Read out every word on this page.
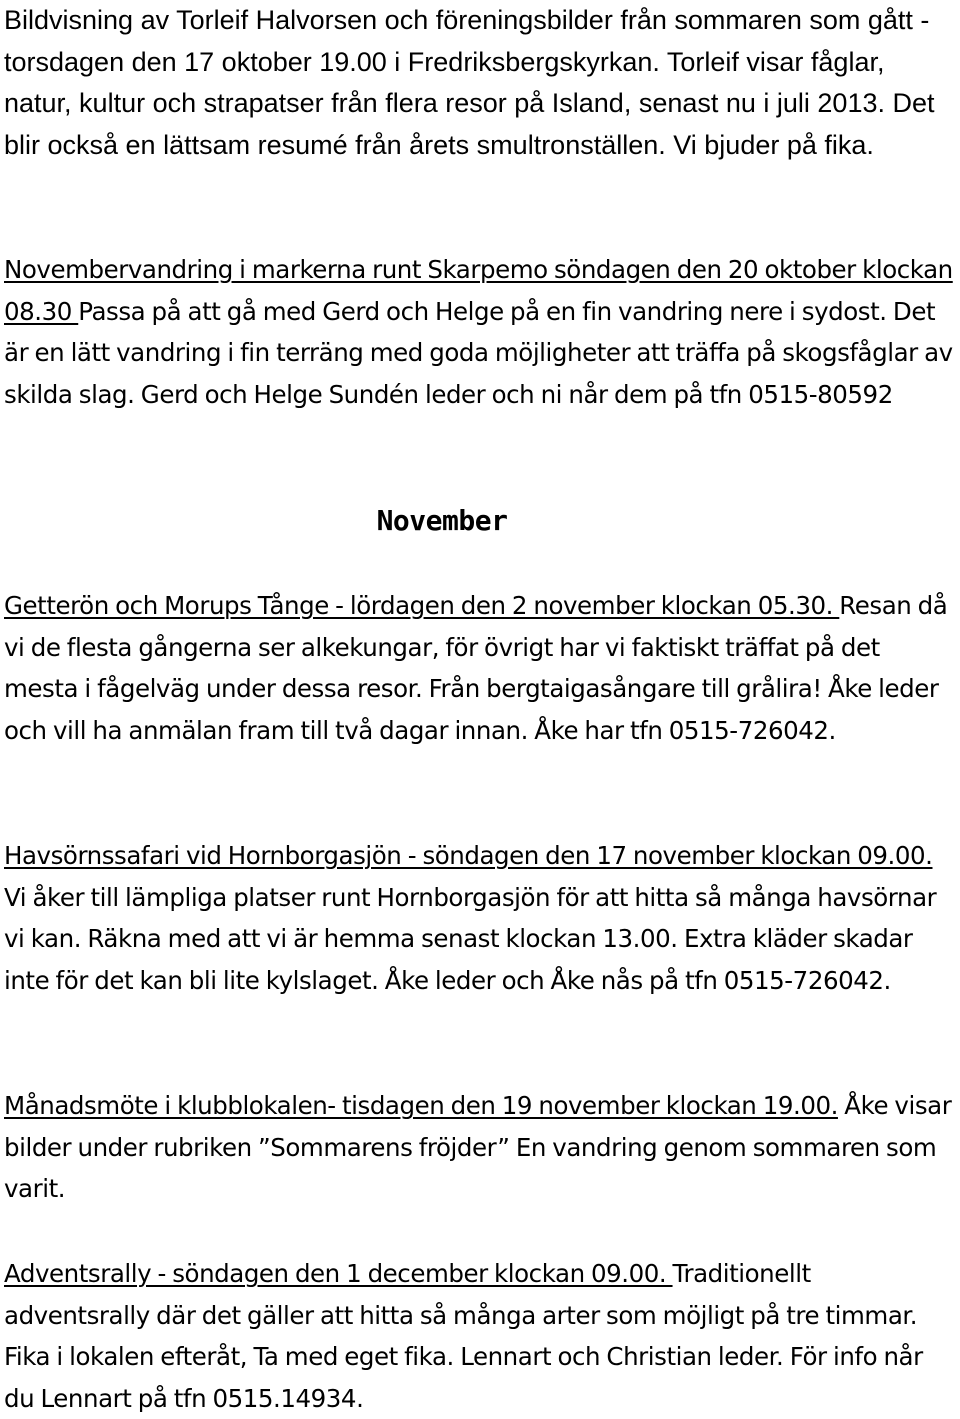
Bildvisning av Torleif Halvorsen och föreningsbilder från sommaren som gått - torsdagen den 17 oktober 19.00 i Fredriksbergskyrkan. Torleif visar fåglar, natur, kultur och strapatser från flera resor på Island, senast nu i juli 2013. Det blir också en lättsam resumé från årets smultronställen. Vi bjuder på fika.

Novembervandring i markerna runt Skarpemo söndagen den 20 oktober klockan 08.30 Passa på att gå med Gerd och Helge på en fin vandring nere i sydost. Det är en lätt vandring i fin terräng med goda möjligheter att träffa på skogsfåglar av skilda slag. Gerd och Helge Sundén leder och ni når dem på tfn 0515-80592

November

Getterön och Morups Tånge - lördagen den 2 november klockan 05.30. Resan då vi de flesta gångerna ser alkekungar, för övrigt har vi faktiskt träffat på det mesta i fågelväg under dessa resor. Från bergtaigasångare till grålira! Åke leder och vill ha anmälan fram till två dagar innan. Åke har tfn 0515-726042.

Havsörnssafari vid Hornborgasjön - söndagen den 17 november klockan 09.00. Vi åker till lämpliga platser runt Hornborgasjön för att hitta så många havsörnar vi kan. Räkna med att vi är hemma senast klockan 13.00. Extra kläder skadar inte för det kan bli lite kylslaget. Åke leder och Åke nås på tfn 0515-726042.

Månadsmöte i klubblokalen- tisdagen den 19 november klockan 19.00. Åke visar bilder under rubriken ”Sommarens fröjder” En vandring genom sommaren som varit.

Adventsrally - söndagen den 1 december klockan 09.00. Traditionellt adventsrally där det gäller att hitta så många arter som möjligt på tre timmar. Fika i lokalen efteråt, Ta med eget fika. Lennart och Christian leder. För info når du Lennart på tfn 0515.14934.
